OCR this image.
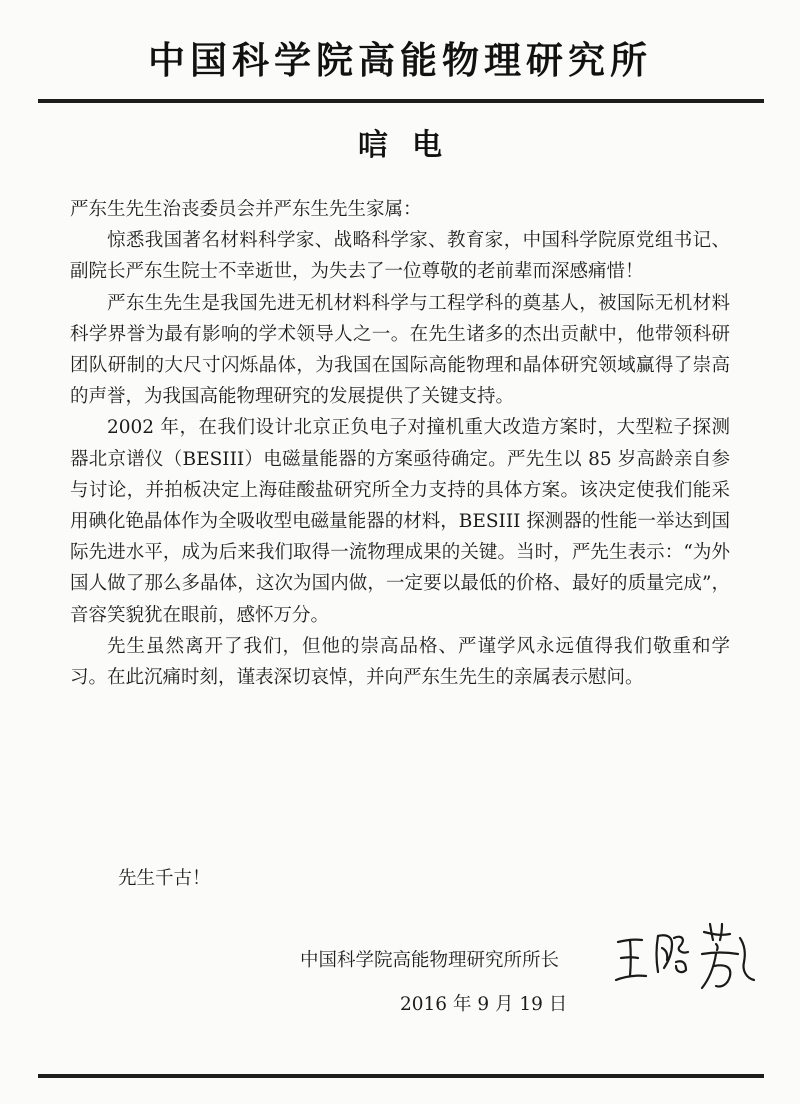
中国科学院高能物理研究所
唁电

严东生先生治丧委员会并严东生先生家属：

惊悉我国著名材料科学家、战略科学家、教育家，中国科学院原党组书记、副院长严东生院士不幸逝世，为失去了一位尊敬的老前辈而深感痛惜！

严东生先生是我国先进无机材料科学与工程学科的奠基人，被国际无机材料科学界誉为最有影响的学术领导人之一。在先生诸多的杰出贡献中，他带领科研团队研制的大尺寸闪烁晶体，为我国在国际高能物理和晶体研究领域赢得了崇高的声誉，为我国高能物理研究的发展提供了关键支持。

2002 年，在我们设计北京正负电子对撞机重大改造方案时，大型粒子探测器北京谱仪（BESIII）电磁量能器的方案亟待确定。严先生以 85 岁高龄亲自参与讨论，并拍板决定上海硅酸盐研究所全力支持的具体方案。该决定使我们能采用碘化铯晶体作为全吸收型电磁量能器的材料，BESIII 探测器的性能一举达到国际先进水平，成为后来我们取得一流物理成果的关键。当时，严先生表示：“为外国人做了那么多晶体，这次为国内做，一定要以最低的价格、最好的质量完成”，音容笑貌犹在眼前，感怀万分。

先生虽然离开了我们，但他的崇高品格、严谨学风永远值得我们敬重和学习。在此沉痛时刻，谨表深切哀悼，并向严东生先生的亲属表示慰问。

先生千古！
中国科学院高能物理研究所所长
2016 年 9 月 19 日
